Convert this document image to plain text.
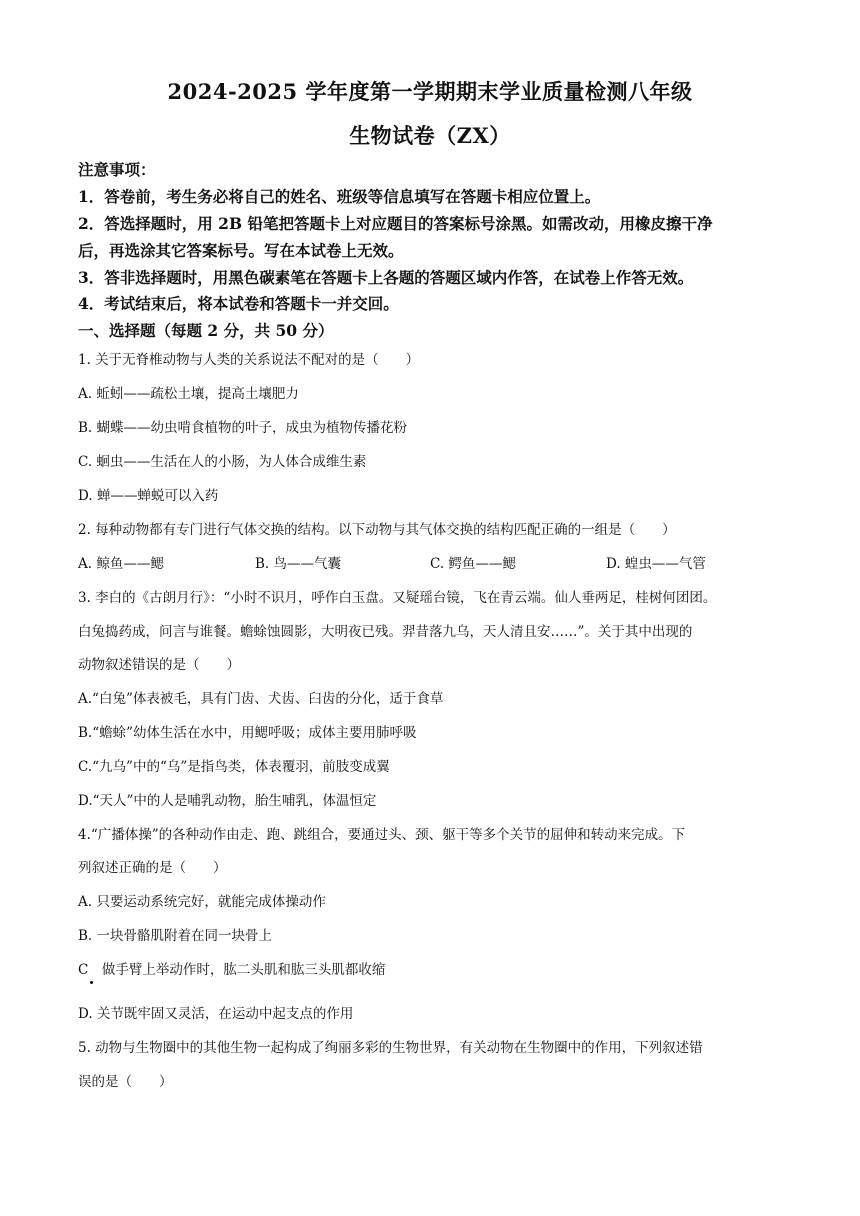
2024-2025 学年度第一学期期末学业质量检测八年级
生物试卷（ZX）
注意事项：
1．答卷前，考生务必将自己的姓名、班级等信息填写在答题卡相应位置上。
2．答选择题时，用 2B 铅笔把答题卡上对应题目的答案标号涂黑。如需改动，用橡皮擦干净
后，再选涂其它答案标号。写在本试卷上无效。
3．答非选择题时，用黑色碳素笔在答题卡上各题的答题区域内作答，在试卷上作答无效。
4．考试结束后，将本试卷和答题卡一并交回。
一、选择题（每题 2 分，共 50 分）
1. 关于无脊椎动物与人类的关系说法不配对的是（　　）
A. 蚯蚓——疏松土壤，提高土壤肥力
B. 蝴蝶——幼虫啃食植物的叶子，成虫为植物传播花粉
C. 蛔虫——生活在人的小肠，为人体合成维生素
D. 蝉——蝉蜕可以入药
2. 每种动物都有专门进行气体交换的结构。以下动物与其气体交换的结构匹配正确的一组是（　　）
A. 鲸鱼——鳃	B. 鸟——气囊	C. 鳄鱼——鳃	D. 蝗虫——气管
3. 李白的《古朗月行》：“小时不识月，呼作白玉盘。又疑瑶台镜，飞在青云端。仙人垂两足，桂树何团团。
白兔捣药成，问言与谁餐。蟾蜍蚀圆影，大明夜已残。羿昔落九乌，天人清且安……”。关于其中出现的
动物叙述错误的是（　　）
A.“白兔”体表被毛，具有门齿、犬齿、臼齿的分化，适于食草
B.“蟾蜍”幼体生活在水中，用鳃呼吸；成体主要用肺呼吸
C.“九乌”中的“乌”是指鸟类，体表覆羽，前肢变成翼
D.“天人”中的人是哺乳动物，胎生哺乳，体温恒定
4.“广播体操”的各种动作由走、跑、跳组合，要通过头、颈、躯干等多个关节的屈伸和转动来完成。下
列叙述正确的是（　　）
A. 只要运动系统完好，就能完成体操动作
B. 一块骨骼肌附着在同一块骨上
C　做手臂上举动作时，肱二头肌和肱三头肌都收缩
D. 关节既牢固又灵活，在运动中起支点的作用
5. 动物与生物圈中的其他生物一起构成了绚丽多彩的生物世界，有关动物在生物圈中的作用，下列叙述错
误的是（　　）
